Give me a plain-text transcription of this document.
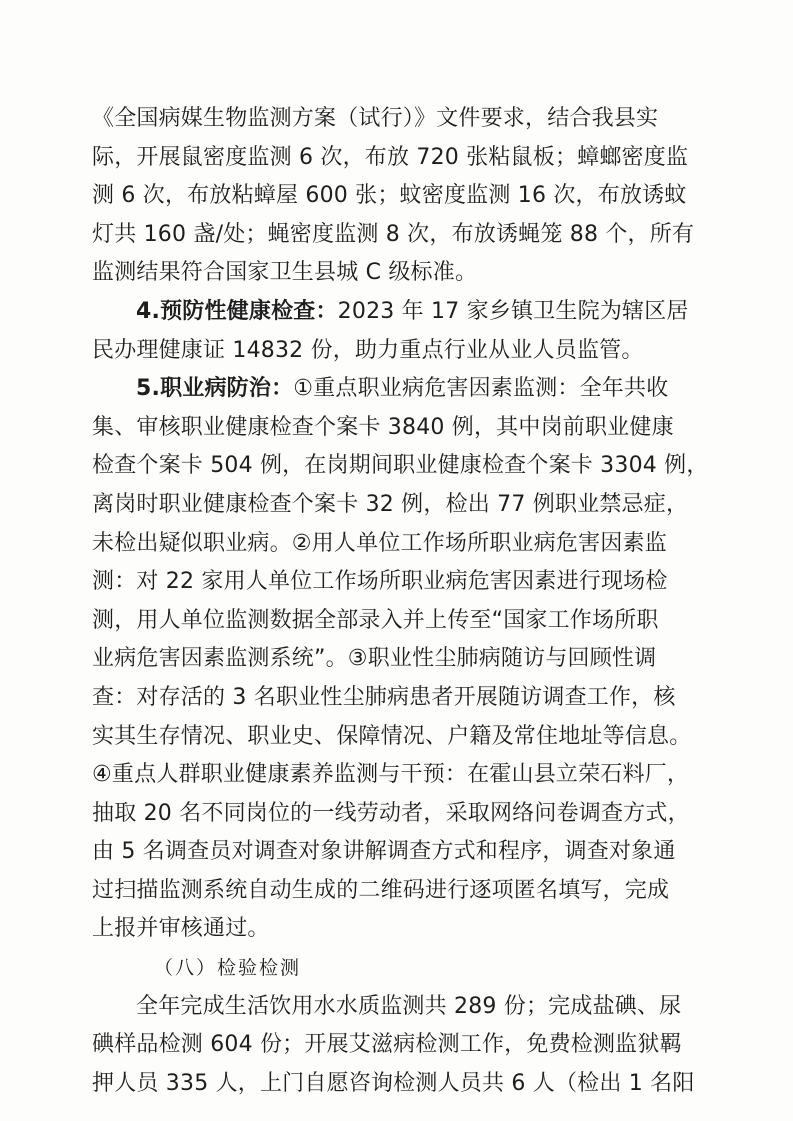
《全国病媒生物监测方案（试行）》文件要求，结合我县实
际，开展鼠密度监测 6 次，布放 720 张粘鼠板；蟑螂密度监
测 6 次，布放粘蟑屋 600 张；蚊密度监测 16 次，布放诱蚊
灯共 160 盏/处；蝇密度监测 8 次，布放诱蝇笼 88 个，所有
监测结果符合国家卫生县城 C 级标准。
4.预防性健康检查：2023 年 17 家乡镇卫生院为辖区居
民办理健康证 14832 份，助力重点行业从业人员监管。
5.职业病防治：①重点职业病危害因素监测：全年共收
集、审核职业健康检查个案卡 3840 例，其中岗前职业健康
检查个案卡 504 例，在岗期间职业健康检查个案卡 3304 例，
离岗时职业健康检查个案卡 32 例，检出 77 例职业禁忌症，
未检出疑似职业病。②用人单位工作场所职业病危害因素监
测：对 22 家用人单位工作场所职业病危害因素进行现场检
测，用人单位监测数据全部录入并上传至“国家工作场所职
业病危害因素监测系统”。③职业性尘肺病随访与回顾性调
查：对存活的 3 名职业性尘肺病患者开展随访调查工作，核
实其生存情况、职业史、保障情况、户籍及常住地址等信息。
④重点人群职业健康素养监测与干预：在霍山县立荣石料厂，
抽取 20 名不同岗位的一线劳动者，采取网络问卷调查方式，
由 5 名调查员对调查对象讲解调查方式和程序，调查对象通
过扫描监测系统自动生成的二维码进行逐项匿名填写，完成
上报并审核通过。
（八）检验检测
全年完成生活饮用水水质监测共 289 份；完成盐碘、尿
碘样品检测 604 份；开展艾滋病检测工作，免费检测监狱羁
押人员 335 人，上门自愿咨询检测人员共 6 人（检出 1 名阳
